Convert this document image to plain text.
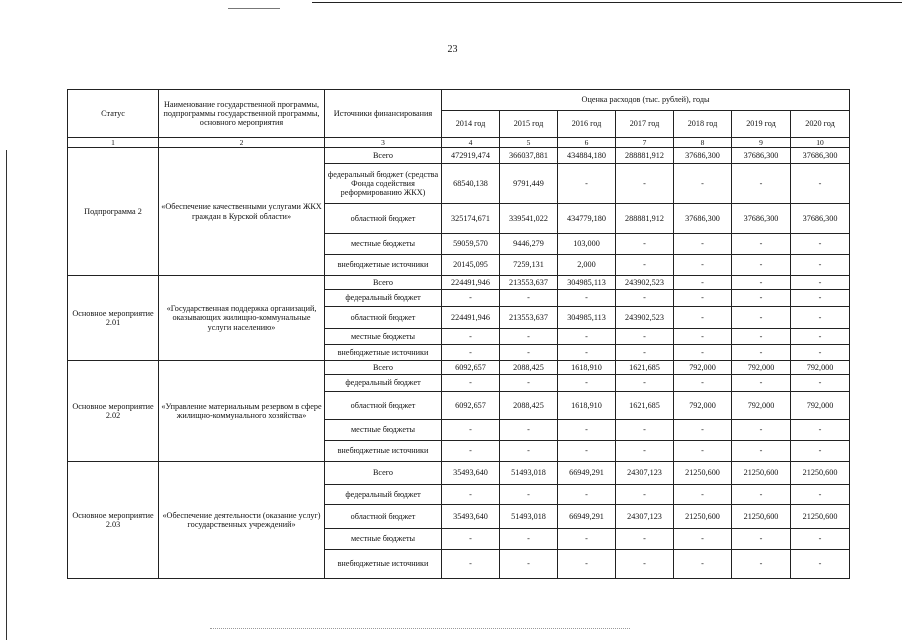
23
Статус	Наименование государственной программы, подпрограммы государственной программы, основного мероприятия	Источники финансирования	Оценка расходов (тыс. рублей), годы						
			2014 год	2015 год	2016 год	2017 год	2018 год	2019 год	2020 год
1	2	3	4	5	6	7	8	9	10
Подпрограмма 2	«Обеспечение качественными услугами ЖКХ граждан в Курской области»	Всего	472919,474	366037,881	434884,180	288881,912	37686,300	37686,300	37686,300
		федеральный бюджет (средства Фонда содействия реформированию ЖКХ)	68540,138	9791,449	-	-	-	-	-
		областной бюджет	325174,671	339541,022	434779,180	288881,912	37686,300	37686,300	37686,300
		местные бюджеты	59059,570	9446,279	103,000	-	-	-	-
		внебюджетные источники	20145,095	7259,131	2,000	-	-	-	-
Основное мероприятие 2.01	«Государственная поддержка организаций, оказывающих жилищно-коммунальные услуги населению»	Всего	224491,946	213553,637	304985,113	243902,523	-	-	-
		федеральный бюджет	-	-	-	-	-	-	-
		областной бюджет	224491,946	213553,637	304985,113	243902,523	-	-	-
		местные бюджеты	-	-	-	-	-	-	-
		внебюджетные источники	-	-	-	-	-	-	-
Основное мероприятие 2.02	«Управление материальным резервом в сфере жилищно-коммунального хозяйства»	Всего	6092,657	2088,425	1618,910	1621,685	792,000	792,000	792,000
		федеральный бюджет	-	-	-	-	-	-	-
		областной бюджет	6092,657	2088,425	1618,910	1621,685	792,000	792,000	792,000
		местные бюджеты	-	-	-	-	-	-	-
		внебюджетные источники	-	-	-	-	-	-	-
Основное мероприятие 2.03	«Обеспечение деятельности (оказание услуг) государственных учреждений»	Всего	35493,640	51493,018	66949,291	24307,123	21250,600	21250,600	21250,600
		федеральный бюджет	-	-	-	-	-	-	-
		областной бюджет	35493,640	51493,018	66949,291	24307,123	21250,600	21250,600	21250,600
		местные бюджеты	-	-	-	-	-	-	-
		внебюджетные источники	-	-	-	-	-	-	-
